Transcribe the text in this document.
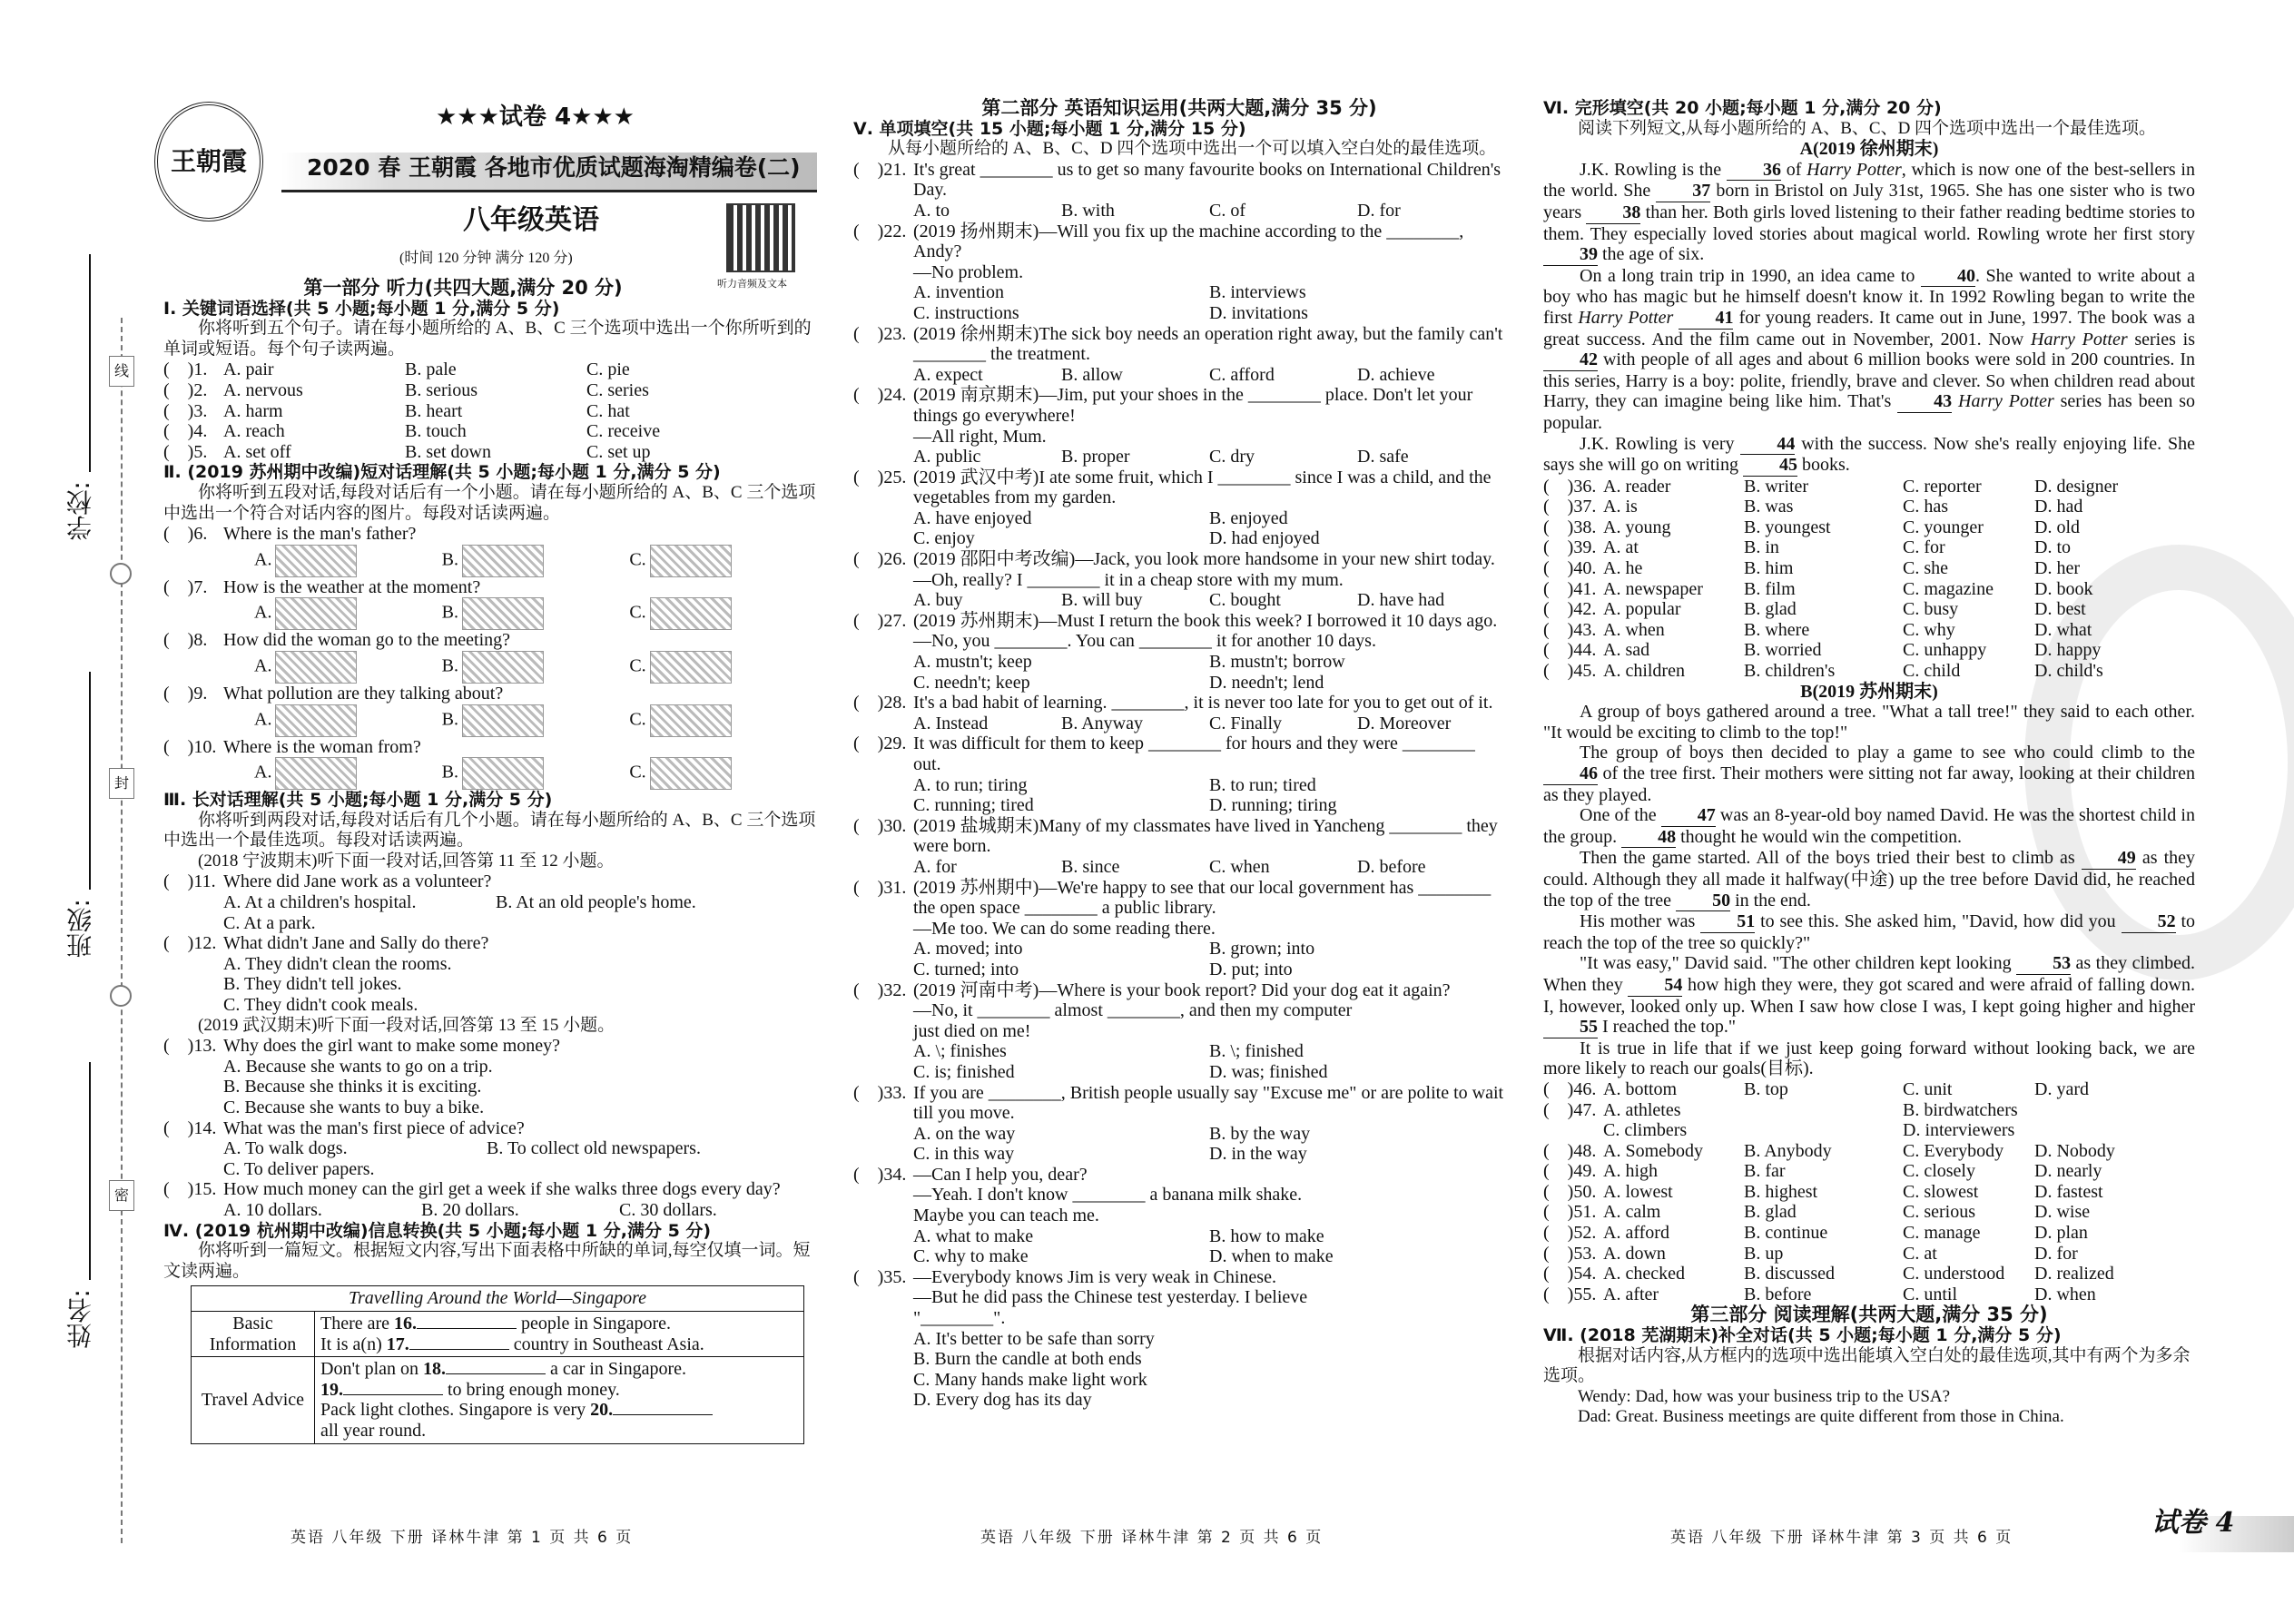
王朝霞
★★★试卷 4★★★
2020 春 王朝霞 各地市优质试题海淘精编卷(二)
八年级英语
(时间 120 分钟 满分 120 分)
听力音频及文本
学校:
班级:
姓名:
线
封
密
第一部分 听力(共四大题,满分 20 分)
Ⅰ. 关键词语选择(共 5 小题;每小题 1 分,满分 5 分)
你将听到五个句子。请在每小题所给的 A、B、C 三个选项中选出一个你所听到的单词或短语。每个句子读两遍。
(    )1. A. pair	B. pale	C. pie
(    )2. A. nervous	B. serious	C. series
(    )3. A. harm	B. heart	C. hat
(    )4. A. reach	B. touch	C. receive
(    )5. A. set off	B. set down	C. set up
Ⅱ. (2019 苏州期中改编)短对话理解(共 5 小题;每小题 1 分,满分 5 分)
你将听到五段对话,每段对话后有一个小题。请在每小题所给的 A、B、C 三个选项中选出一个符合对话内容的图片。每段对话读两遍。
(    )6. Where is the man's father?
A.	B.	C.
(    )7. How is the weather at the moment?
A.	B.	C.
(    )8. How did the woman go to the meeting?
A.	B.	C.
(    )9. What pollution are they talking about?
A.	B.	C.
(    )10. Where is the woman from?
A.	B.	C.
Ⅲ. 长对话理解(共 5 小题;每小题 1 分,满分 5 分)
你将听到两段对话,每段对话后有几个小题。请在每小题所给的 A、B、C 三个选项中选出一个最佳选项。每段对话读两遍。
(2018 宁波期末)听下面一段对话,回答第 11 至 12 小题。
(    )11. Where did Jane work as a volunteer?
A. At a children's hospital.	B. At an old people's home.
C. At a park.
(    )12. What didn't Jane and Sally do there?
A. They didn't clean the rooms.
B. They didn't tell jokes.
C. They didn't cook meals.
(2019 武汉期末)听下面一段对话,回答第 13 至 15 小题。
(    )13. Why does the girl want to make some money?
A. Because she wants to go on a trip.
B. Because she thinks it is exciting.
C. Because she wants to buy a bike.
(    )14. What was the man's first piece of advice?
A. To walk dogs.	B. To collect old newspapers.
C. To deliver papers.
(    )15. How much money can the girl get a week if she walks three dogs every day?
A. 10 dollars.	B. 20 dollars.	C. 30 dollars.
Ⅳ. (2019 杭州期中改编)信息转换(共 5 小题;每小题 1 分,满分 5 分)
你将听到一篇短文。根据短文内容,写出下面表格中所缺的单词,每空仅填一词。短文读两遍。
Travelling Around the World—Singapore	
Basic Information	There are 16. people in Singapore.
It is a(n) 17. country in Southeast Asia.

Travel Advice	Don't plan on 18. a car in Singapore.
19. to bring enough money.
Pack light clothes. Singapore is very 20.
all year round.
第二部分 英语知识运用(共两大题,满分 35 分)
Ⅴ. 单项填空(共 15 小题;每小题 1 分,满分 15 分)
从每小题所给的 A、B、C、D 四个选项中选出一个可以填入空白处的最佳选项。
(    )21. It's great ________ us to get so many favourite books on International Children's Day.
A. to	B. with	C. of	D. for
(    )22. (2019 扬州期末)—Will you fix up the machine according to the ________, Andy?
—No problem.
A. invention	B. interviews
C. instructions	D. invitations
(    )23. (2019 徐州期末)The sick boy needs an operation right away, but the family can't ________ the treatment.
A. expect	B. allow	C. afford	D. achieve
(    )24. (2019 南京期末)—Jim, put your shoes in the ________ place. Don't let your things go everywhere!
—All right, Mum.
A. public	B. proper	C. dry	D. safe
(    )25. (2019 武汉中考)I ate some fruit, which I ________ since I was a child, and the vegetables from my garden.
A. have enjoyed	B. enjoyed
C. enjoy	D. had enjoyed
(    )26. (2019 邵阳中考改编)—Jack, you look more handsome in your new shirt today.
—Oh, really? I ________ it in a cheap store with my mum.
A. buy	B. will buy	C. bought	D. have had
(    )27. (2019 苏州期末)—Must I return the book this week? I borrowed it 10 days ago.
—No, you ________. You can ________ it for another 10 days.
A. mustn't; keep	B. mustn't; borrow
C. needn't; keep	D. needn't; lend
(    )28. It's a bad habit of learning. ________, it is never too late for you to get out of it.
A. Instead	B. Anyway	C. Finally	D. Moreover
(    )29. It was difficult for them to keep ________ for hours and they were ________ out.
A. to run; tiring	B. to run; tired
C. running; tired	D. running; tiring
(    )30. (2019 盐城期末)Many of my classmates have lived in Yancheng ________ they were born.
A. for	B. since	C. when	D. before
(    )31. (2019 苏州期中)—We're happy to see that our local government has ________ the open space ________ a public library.
—Me too. We can do some reading there.
A. moved; into	B. grown; into
C. turned; into	D. put; into
(    )32. (2019 河南中考)—Where is your book report? Did your dog eat it again?
—No, it ________ almost ________, and then my computer
just died on me!
A. \; finishes	B. \; finished
C. is; finished	D. was; finished
(    )33. If you are ________, British people usually say "Excuse me" or are polite to wait till you move.
A. on the way	B. by the way
C. in this way	D. in the way
(    )34. —Can I help you, dear?
—Yeah. I don't know ________ a banana milk shake.
Maybe you can teach me.
A. what to make	B. how to make
C. why to make	D. when to make
(    )35. —Everybody knows Jim is very weak in Chinese.
—But he did pass the Chinese test yesterday. I believe
"________".
A. It's better to be safe than sorry
B. Burn the candle at both ends
C. Many hands make light work
D. Every dog has its day
Ⅵ. 完形填空(共 20 小题;每小题 1 分,满分 20 分)
阅读下列短文,从每小题所给的 A、B、C、D 四个选项中选出一个最佳选项。
A(2019 徐州期末)

J.K. Rowling is the 36 of Harry Potter, which is now one of the best-sellers in the world. She 37 born in Bristol on July 31st, 1965. She has one sister who is two years 38 than her. Both girls loved listening to their father reading bedtime stories to them. They especially loved stories about magical world. Rowling wrote her first story 39 the age of six.

On a long train trip in 1990, an idea came to 40. She wanted to write about a boy who has magic but he himself doesn't know it. In 1992 Rowling began to write the first Harry Potter 41 for young readers. It came out in June, 1997. The book was a great success. And the film came out in November, 2001. Now Harry Potter series is 42 with people of all ages and about 6 million books were sold in 200 countries. In this series, Harry is a boy: polite, friendly, brave and clever. So when children read about Harry, they can imagine being like him. That's 43 Harry Potter series has been so popular.

J.K. Rowling is very 44 with the success. Now she's really enjoying life. She says she will go on writing 45 books.

(    )36. A. reader	B. writer	C. reporter	D. designer
(    )37. A. is	B. was	C. has	D. had
(    )38. A. young	B. youngest	C. younger	D. old
(    )39. A. at	B. in	C. for	D. to
(    )40. A. he	B. him	C. she	D. her
(    )41. A. newspaper	B. film	C. magazine	D. book
(    )42. A. popular	B. glad	C. busy	D. best
(    )43. A. when	B. where	C. why	D. what
(    )44. A. sad	B. worried	C. unhappy	D. happy
(    )45. A. children	B. children's	C. child	D. child's
B(2019 苏州期末)

A group of boys gathered around a tree. "What a tall tree!" they said to each other. "It would be exciting to climb to the top!"

The group of boys then decided to play a game to see who could climb to the 46 of the tree first. Their mothers were sitting not far away, looking at their children as they played.

One of the 47 was an 8-year-old boy named David. He was the shortest child in the group. 48 thought he would win the competition.

Then the game started. All of the boys tried their best to climb as 49 as they could. Although they all made it halfway(中途) up the tree before David did, he reached the top of the tree 50 in the end.

His mother was 51 to see this. She asked him, "David, how did you 52 to reach the top of the tree so quickly?"

"It was easy," David said. "The other children kept looking 53 as they climbed. When they 54 how high they were, they got scared and were afraid of falling down. I, however, looked only up. When I saw how close I was, I kept going higher and higher 55 I reached the top."

It is true in life that if we just keep going forward without looking back, we are more likely to reach our goals(目标).

(    )46. A. bottom	B. top	C. unit	D. yard
(    )47. A. athletes	B. birdwatchers
C. climbers	D. interviewers
(    )48. A. Somebody	B. Anybody	C. Everybody	D. Nobody
(    )49. A. high	B. far	C. closely	D. nearly
(    )50. A. lowest	B. highest	C. slowest	D. fastest
(    )51. A. calm	B. glad	C. serious	D. wise
(    )52. A. afford	B. continue	C. manage	D. plan
(    )53. A. down	B. up	C. at	D. for
(    )54. A. checked	B. discussed	C. understood	D. realized
(    )55. A. after	B. before	C. until	D. when
第三部分 阅读理解(共两大题,满分 35 分)
Ⅶ. (2018 芜湖期末)补全对话(共 5 小题;每小题 1 分,满分 5 分)
根据对话内容,从方框内的选项中选出能填入空白处的最佳选项,其中有两个为多余选项。
Wendy: Dad, how was your business trip to the USA?
Dad: Great. Business meetings are quite different from those in China.
英语 八年级 下册 译林牛津 第 1 页 共 6 页	英语 八年级 下册 译林牛津 第 2 页 共 6 页	英语 八年级 下册 译林牛津 第 3 页 共 6 页	试卷 4
